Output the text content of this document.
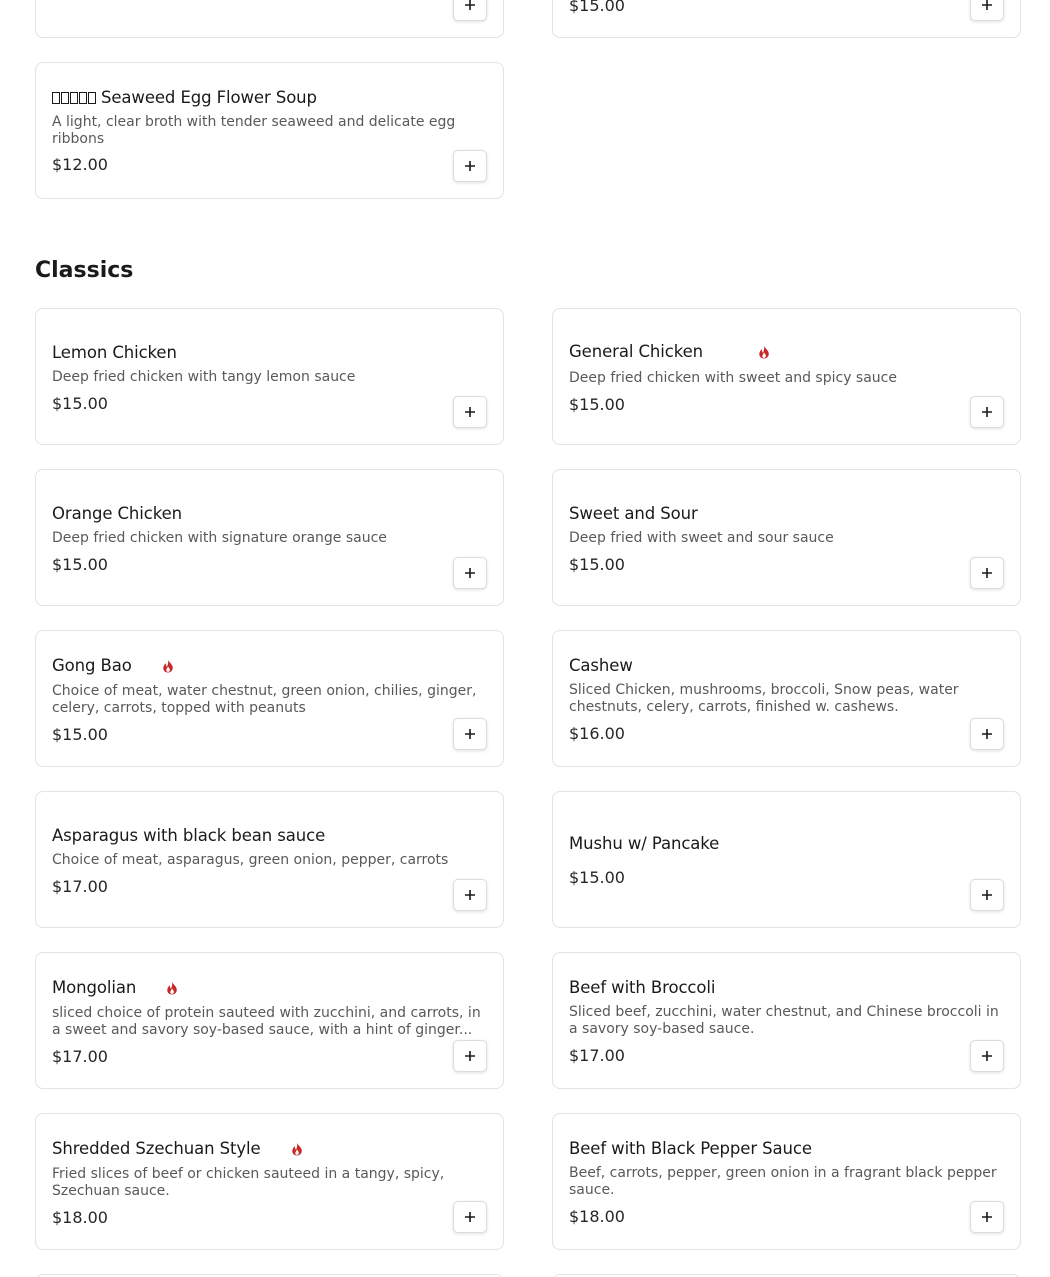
$15.00
Seaweed Egg Flower Soup
A light, clear broth with tender seaweed and delicate egg ribbons
$12.00
Classics
Lemon Chicken
Deep fried chicken with tangy lemon sauce
$15.00
General Chicken
Deep fried chicken with sweet and spicy sauce
$15.00
Orange Chicken
Deep fried chicken with signature orange sauce
$15.00
Sweet and Sour
Deep fried with sweet and sour sauce
$15.00
Gong Bao
Choice of meat, water chestnut, green onion, chilies, ginger, celery, carrots, topped with peanuts
$15.00
Cashew
Sliced Chicken, mushrooms, broccoli, Snow peas, water chestnuts, celery, carrots, finished w. cashews.
$16.00
Asparagus with black bean sauce
Choice of meat, asparagus, green onion, pepper, carrots
$17.00
Mushu w/ Pancake
$15.00
Mongolian
sliced choice of protein sauteed with zucchini, and carrots, in a sweet and savory soy-based sauce, with a hint of ginger...
$17.00
Beef with Broccoli
Sliced beef, zucchini, water chestnut, and Chinese broccoli in a savory soy-based sauce.
$17.00
Shredded Szechuan Style
Fried slices of beef or chicken sauteed in a tangy, spicy, Szechuan sauce.
$18.00
Beef with Black Pepper Sauce
Beef, carrots, pepper, green onion in a fragrant black pepper sauce.
$18.00
